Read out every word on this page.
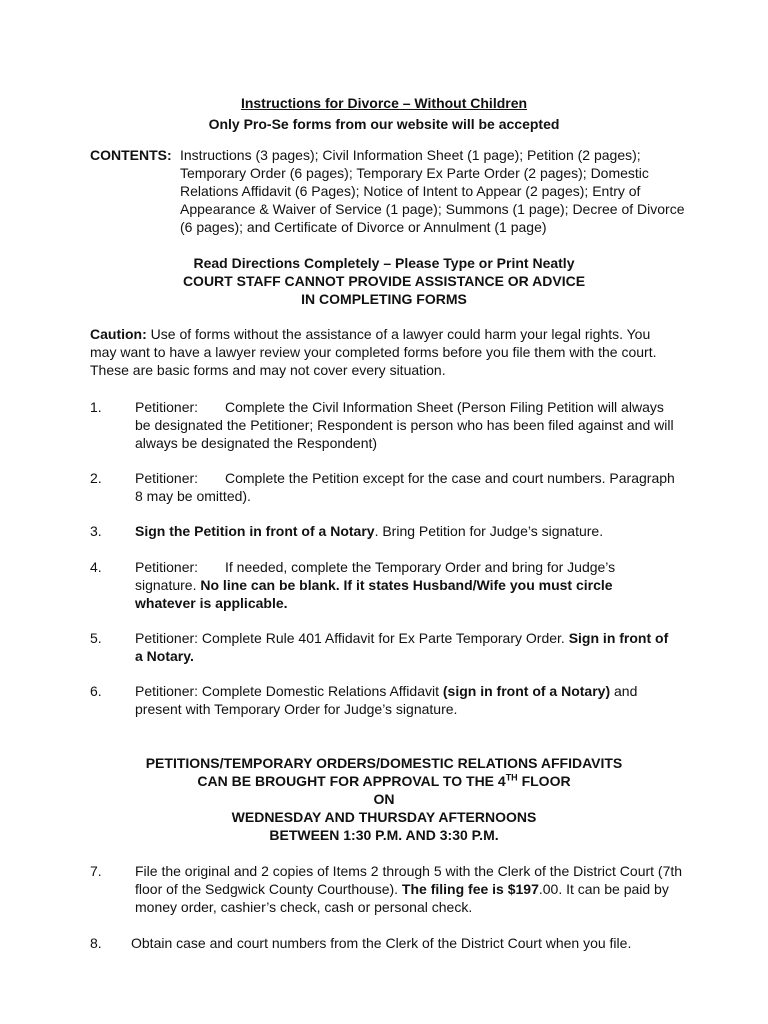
Instructions for Divorce – Without Children
Only Pro-Se forms from our website will be accepted
CONTENTS: Instructions (3 pages); Civil Information Sheet (1 page); Petition (2 pages); Temporary Order (6 pages); Temporary Ex Parte Order (2 pages); Domestic Relations Affidavit (6 Pages); Notice of Intent to Appear (2 pages); Entry of Appearance & Waiver of Service (1 page); Summons (1 page); Decree of Divorce (6 pages); and Certificate of Divorce or Annulment (1 page)
Read Directions Completely – Please Type or Print Neatly
COURT STAFF CANNOT PROVIDE ASSISTANCE OR ADVICE
IN COMPLETING FORMS
Caution: Use of forms without the assistance of a lawyer could harm your legal rights. You may want to have a lawyer review your completed forms before you file them with the court. These are basic forms and may not cover every situation.
1.	Petitioner: Complete the Civil Information Sheet (Person Filing Petition will always be designated the Petitioner; Respondent is person who has been filed against and will always be designated the Respondent)
2.	Petitioner: Complete the Petition except for the case and court numbers. Paragraph 8 may be omitted).
3.	Sign the Petition in front of a Notary. Bring Petition for Judge’s signature.
4.	Petitioner: If needed, complete the Temporary Order and bring for Judge’s signature. No line can be blank. If it states Husband/Wife you must circle whatever is applicable.
5.	Petitioner: Complete Rule 401 Affidavit for Ex Parte Temporary Order. Sign in front of a Notary.
6.	Petitioner: Complete Domestic Relations Affidavit (sign in front of a Notary) and present with Temporary Order for Judge’s signature.
PETITIONS/TEMPORARY ORDERS/DOMESTIC RELATIONS AFFIDAVITS
CAN BE BROUGHT FOR APPROVAL TO THE 4TH FLOOR
ON
WEDNESDAY AND THURSDAY AFTERNOONS
BETWEEN 1:30 P.M. AND 3:30 P.M.
7.	File the original and 2 copies of Items 2 through 5 with the Clerk of the District Court (7th floor of the Sedgwick County Courthouse). The filing fee is $197.00. It can be paid by money order, cashier’s check, cash or personal check.
8.	Obtain case and court numbers from the Clerk of the District Court when you file.
